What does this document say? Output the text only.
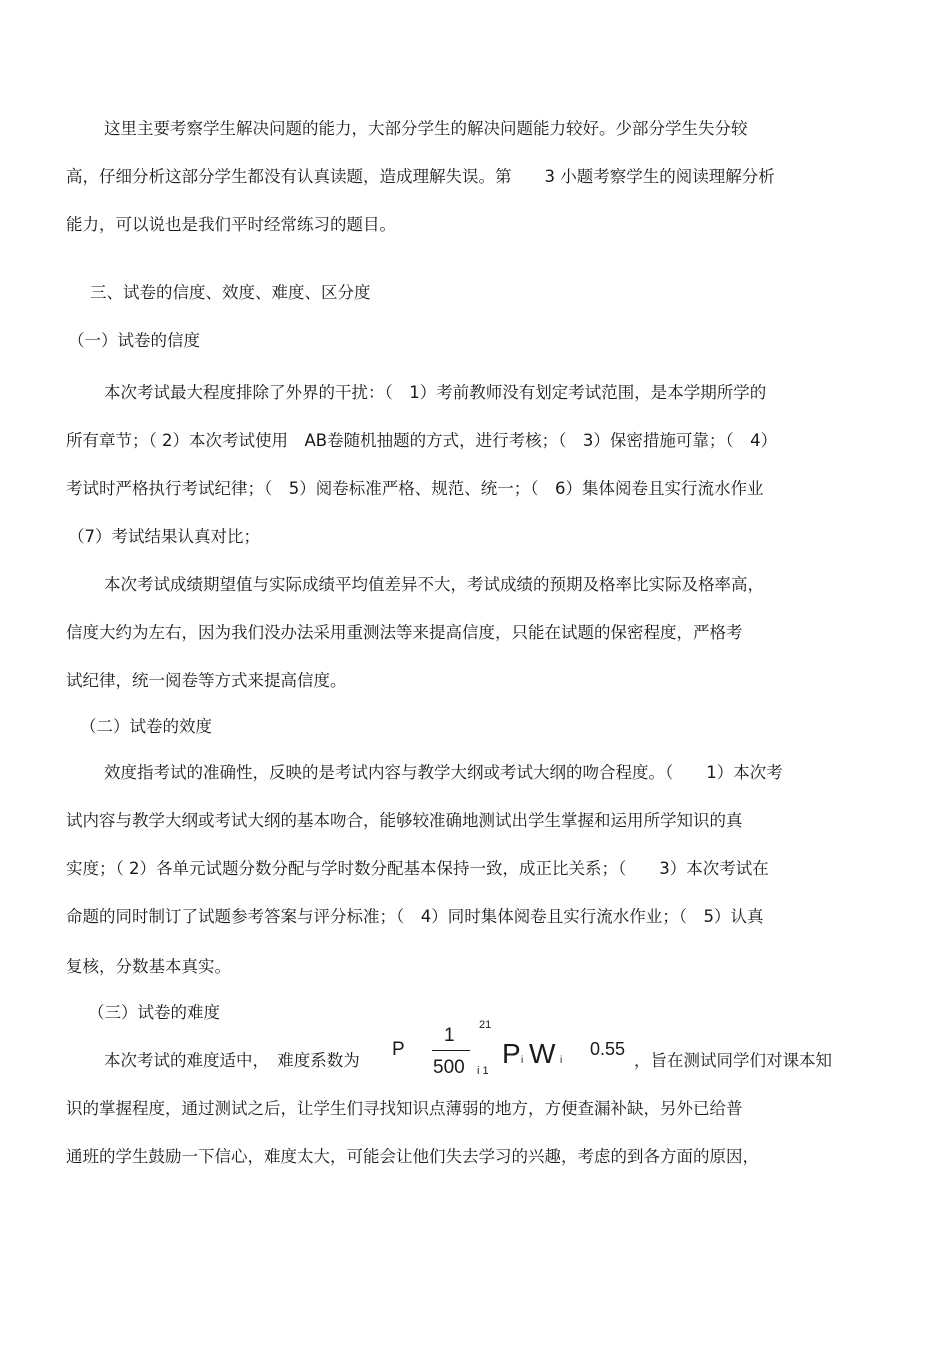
这里主要考察学生解决问题的能力，大部分学生的解决问题能力较好。少部分学生失分较

高，仔细分析这部分学生都没有认真读题，造成理解失误。第　　3 小题考察学生的阅读理解分析

能力，可以说也是我们平时经常练习的题目。

三、试卷的信度、效度、难度、区分度

（一）试卷的信度

本次考试最大程度排除了外界的干扰：（　1）考前教师没有划定考试范围，是本学期所学的

所有章节；（ 2）本次考试使用　AB卷随机抽题的方式，进行考核；（　3）保密措施可靠；（　4）

考试时严格执行考试纪律；（　5）阅卷标准严格、规范、统一；（　6）集体阅卷且实行流水作业

（7）考试结果认真对比；

本次考试成绩期望值与实际成绩平均值差异不大，考试成绩的预期及格率比实际及格率高，

信度大约为左右，因为我们没办法采用重测法等来提高信度，只能在试题的保密程度，严格考

试纪律，统一阅卷等方式来提高信度。

（二）试卷的效度

效度指考试的准确性，反映的是考试内容与教学大纲或考试大纲的吻合程度。（　　1）本次考

试内容与教学大纲或考试大纲的基本吻合，能够较准确地测试出学生掌握和运用所学知识的真

实度；（ 2）各单元试题分数分配与学时数分配基本保持一致，成正比关系；（　　3）本次考试在

命题的同时制订了试题参考答案与评分标准；（　4）同时集体阅卷且实行流水作业；（　5）认真

复核，分数基本真实。

（三）试卷的难度

本次考试的难度适中，　难度系数为

P
1
500
21
i 1
P i W i
0.55

，旨在测试同学们对课本知

识的掌握程度，通过测试之后，让学生们寻找知识点薄弱的地方，方便查漏补缺，另外已给普

通班的学生鼓励一下信心，难度太大，可能会让他们失去学习的兴趣，考虑的到各方面的原因，
